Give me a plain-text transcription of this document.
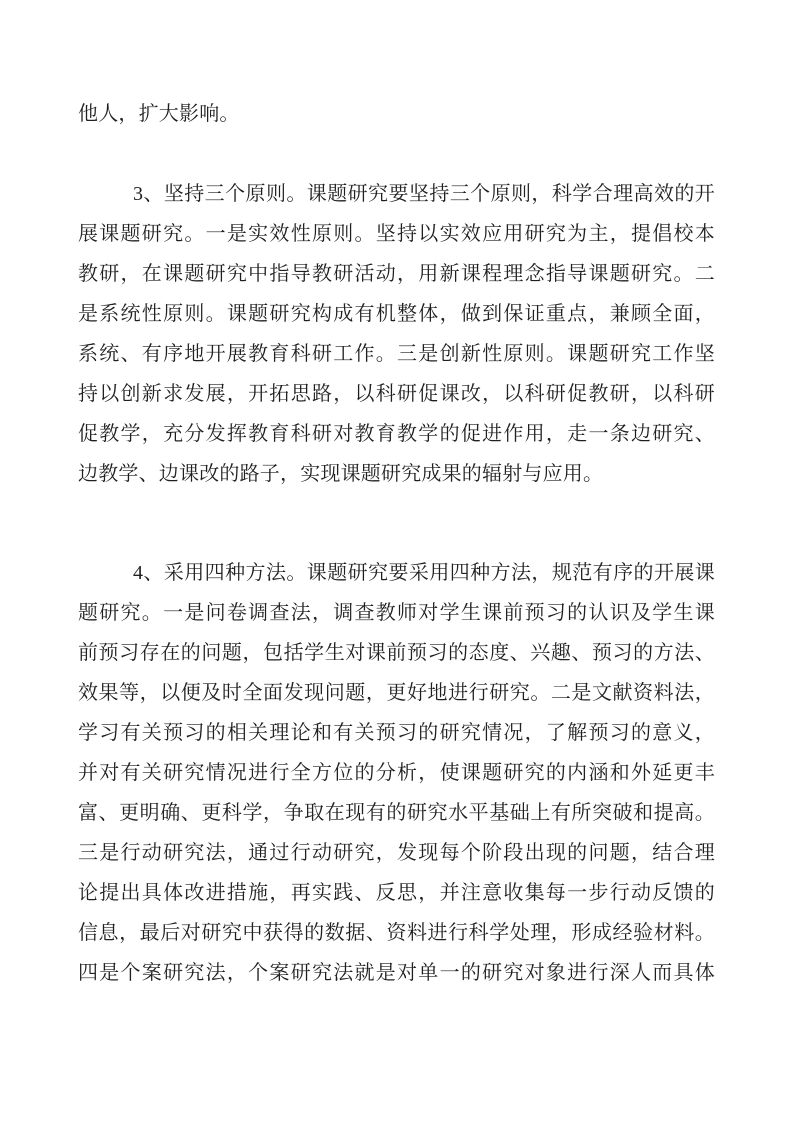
他人，扩大影响。
3、坚持三个原则。课题研究要坚持三个原则，科学合理高效的开
展课题研究。一是实效性原则。坚持以实效应用研究为主，提倡校本
教研，在课题研究中指导教研活动，用新课程理念指导课题研究。二
是系统性原则。课题研究构成有机整体，做到保证重点，兼顾全面，
系统、有序地开展教育科研工作。三是创新性原则。课题研究工作坚
持以创新求发展，开拓思路，以科研促课改，以科研促教研，以科研
促教学，充分发挥教育科研对教育教学的促进作用，走一条边研究、
边教学、边课改的路子，实现课题研究成果的辐射与应用。
4、采用四种方法。课题研究要采用四种方法，规范有序的开展课
题研究。一是问卷调查法，调查教师对学生课前预习的认识及学生课
前预习存在的问题，包括学生对课前预习的态度、兴趣、预习的方法、
效果等，以便及时全面发现问题，更好地进行研究。二是文献资料法，
学习有关预习的相关理论和有关预习的研究情况，了解预习的意义，
并对有关研究情况进行全方位的分析，使课题研究的内涵和外延更丰
富、更明确、更科学，争取在现有的研究水平基础上有所突破和提高。
三是行动研究法，通过行动研究，发现每个阶段出现的问题，结合理
论提出具体改进措施，再实践、反思，并注意收集每一步行动反馈的
信息，最后对研究中获得的数据、资料进行科学处理，形成经验材料。
四是个案研究法，个案研究法就是对单一的研究对象进行深人而具体
